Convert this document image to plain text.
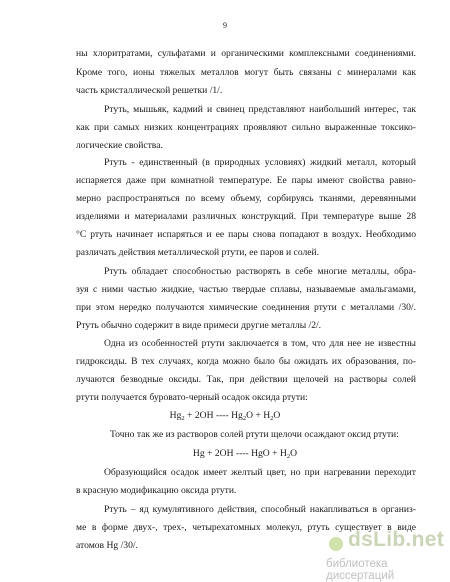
9
ны хлоритратами, сульфатами и органическими комплексными соединениями.
Кроме того, ионы тяжелых металлов могут быть связаны с минералами как
часть кристаллической решетки /1/.
Ртуть, мышьяк, кадмий и свинец представляют наибольший интерес, так
как при самых низких концентрациях проявляют сильно выраженные токсико-
логические свойства.
Ртуть - единственный (в природных условиях) жидкий металл, который
испаряется даже при комнатной температуре. Ее пары имеют свойства равно-
мерно распространяться по всему объему, сорбируясь тканями, деревянными
изделиями и материалами различных конструкций. При температуре выше 28
°С ртуть начинает испаряться и ее пары снова попадают в воздух. Необходимо
различать действия металлической ртути, ее паров и солей.
Ртуть обладает способностью растворять в себе многие металлы, обра-
зуя с ними частью жидкие, частью твердые сплавы, называемые амальгамами,
при этом нередко получаются химические соединения ртути с металлами /30/.
Ртуть обычно содержит в виде примеси другие металлы /2/.
Одна из особенностей ртути заключается в том, что для нее не известны
гидроксиды. В тех случаях, когда можно было бы ожидать их образования, по-
лучаются безводные оксиды. Так, при действии щелочей на растворы солей
ртути получается буровато-черный осадок оксида ртути:
$Hg_2 + 2OH$ ---- $Hg_2O + H_2O$
Точно так же из растворов солей ртути щелочи осаждают оксид ртути:
Hg + 2OH ---- HgO + $H_2O$
Образующийся осадок имеет желтый цвет, но при нагревании переходит
в красную модификацию оксида ртути.
Ртуть – яд кумулятивного действия, способный накапливаться в организ-
ме в форме двух-, трех-, четырехатомных молекул, ртуть существует в виде
атомов Hg /30/.	dsLib.net
библиотека диссертаций
